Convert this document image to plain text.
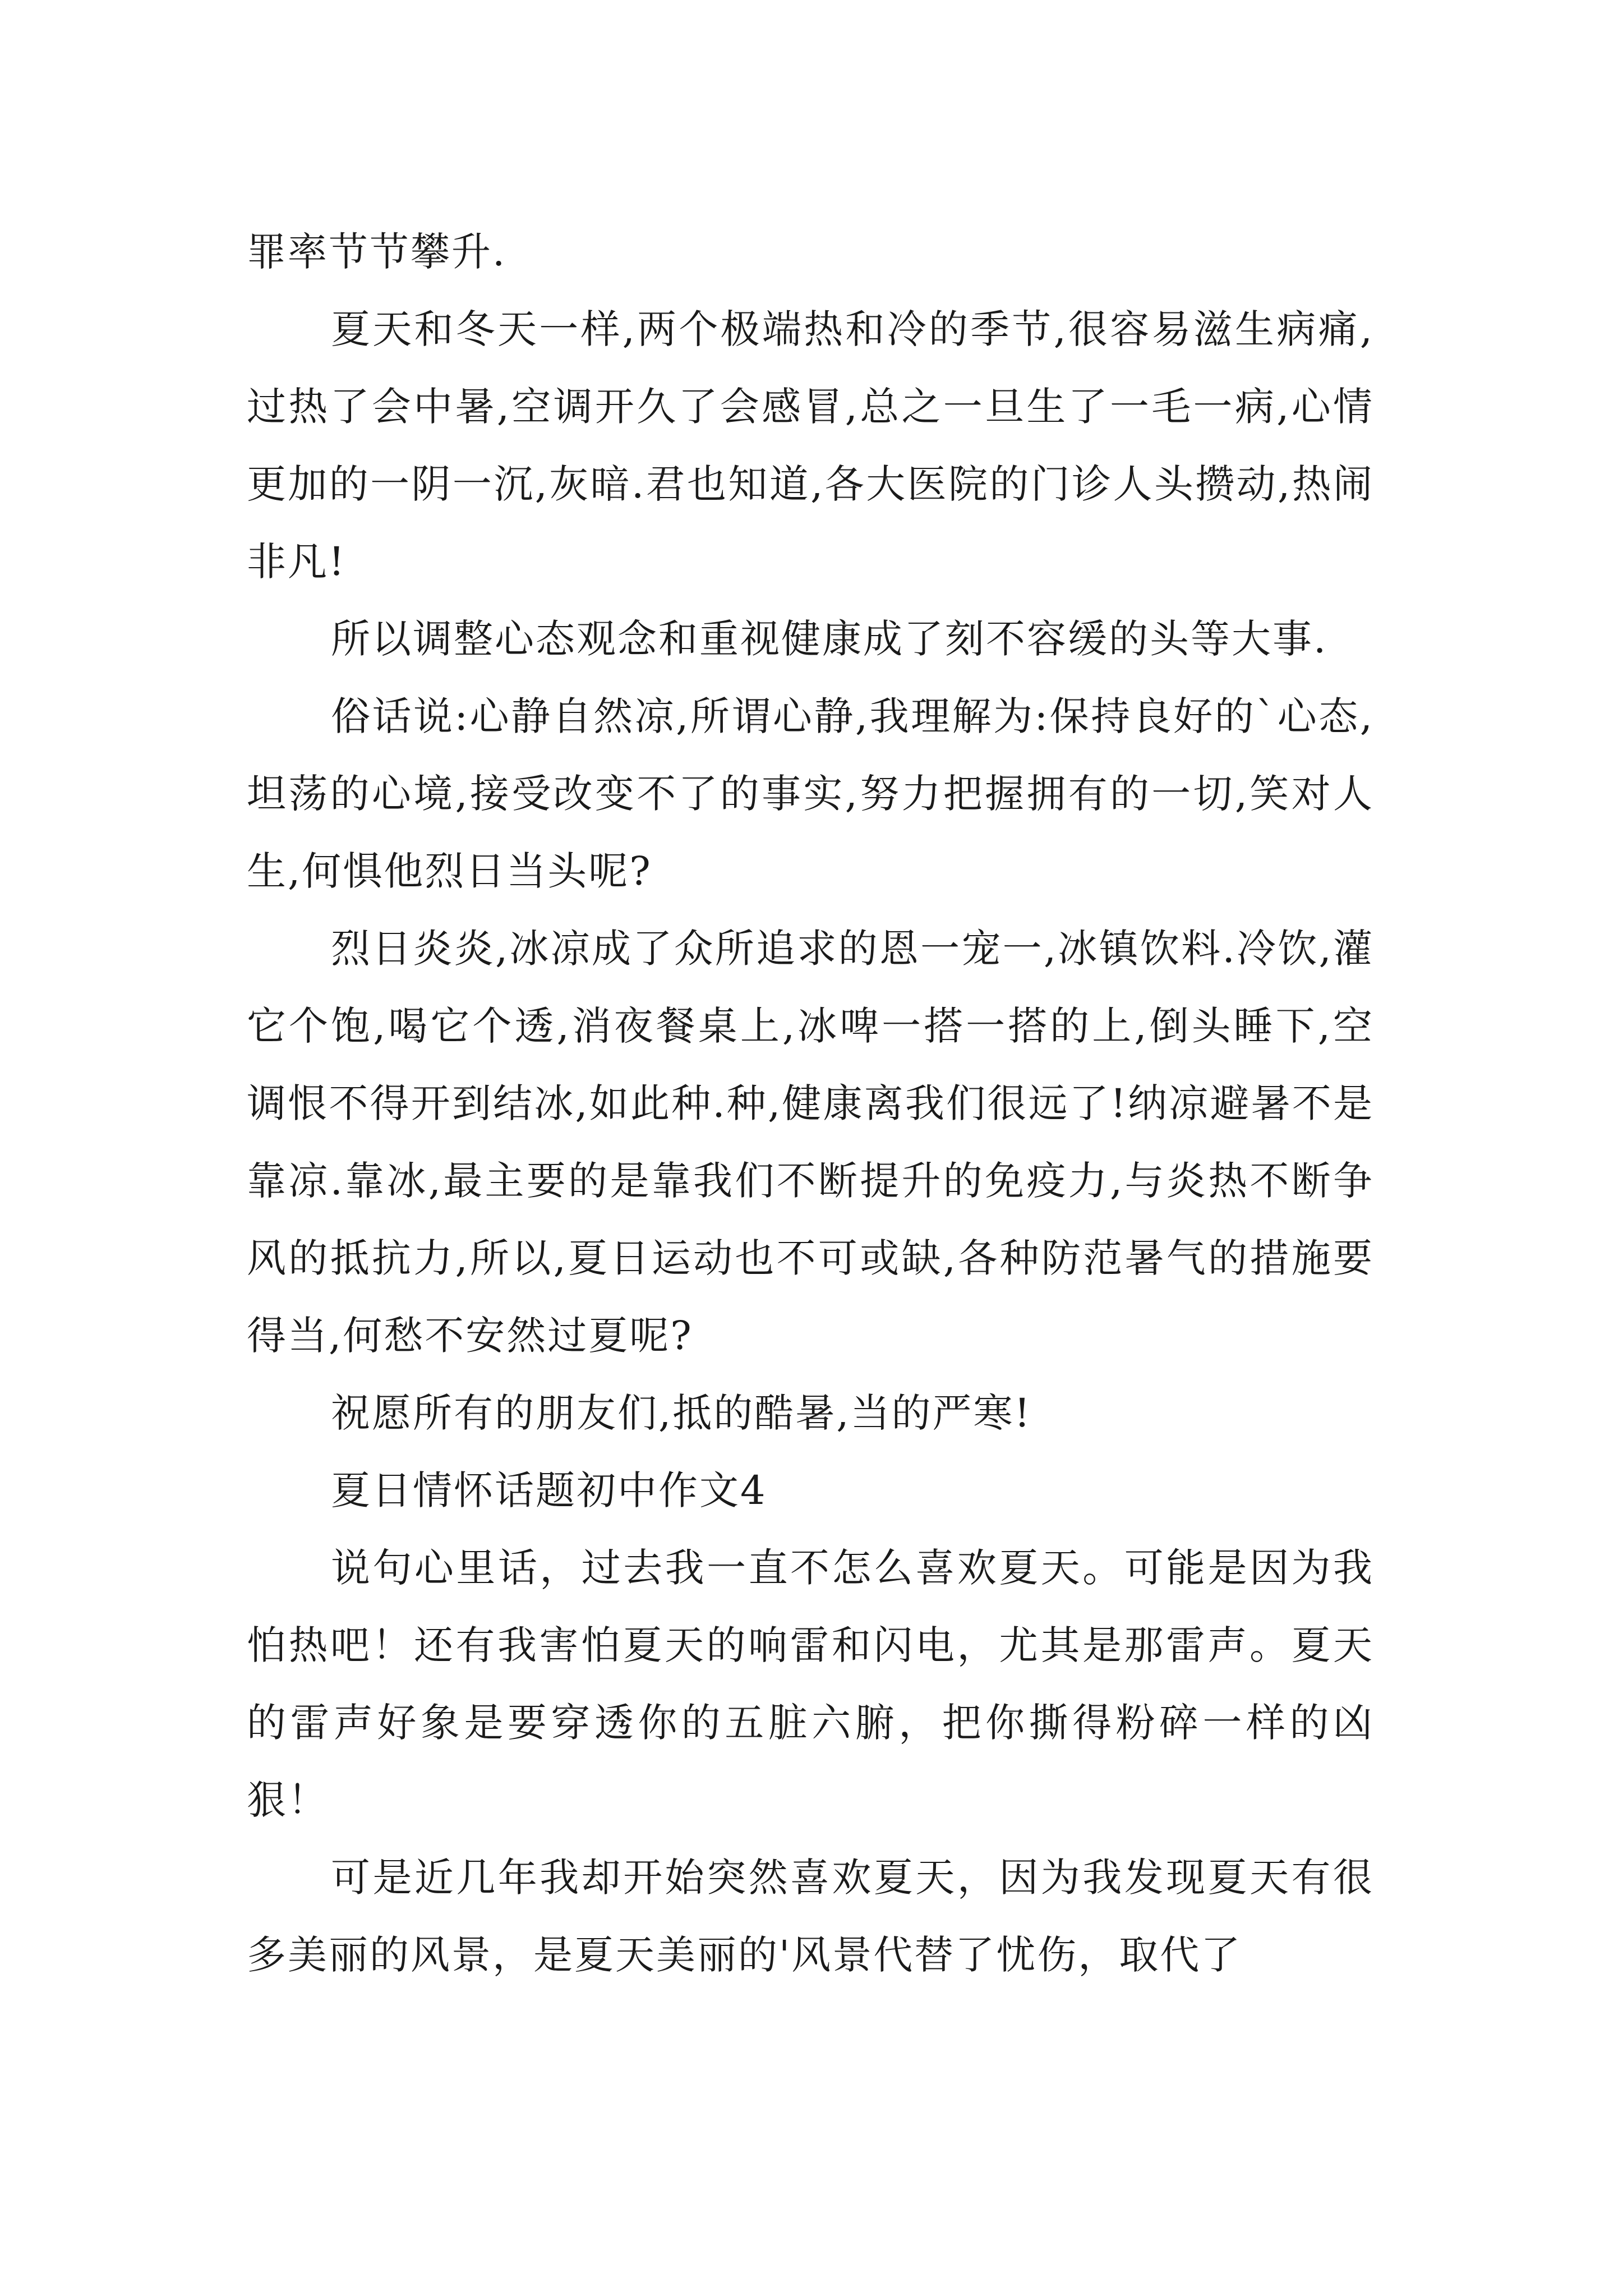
罪率节节攀升.

夏天和冬天一样,两个极端热和冷的季节,很容易滋生病痛,过热了会中暑,空调开久了会感冒,总之一旦生了一毛一病,心情更加的一阴一沉,灰暗.君也知道,各大医院的门诊人头攒动,热闹非凡!

所以调整心态观念和重视健康成了刻不容缓的头等大事.

俗话说:心静自然凉,所谓心静,我理解为:保持良好的`心态,坦荡的心境,接受改变不了的事实,努力把握拥有的一切,笑对人生,何惧他烈日当头呢?

烈日炎炎,冰凉成了众所追求的恩一宠一,冰镇饮料.冷饮,灌它个饱,喝它个透,消夜餐桌上,冰啤一搭一搭的上,倒头睡下,空调恨不得开到结冰,如此种.种,健康离我们很远了!纳凉避暑不是靠凉.靠冰,最主要的是靠我们不断提升的免疫力,与炎热不断争风的抵抗力,所以,夏日运动也不可或缺,各种防范暑气的措施要得当,何愁不安然过夏呢?

祝愿所有的朋友们,抵的酷暑,当的严寒!

夏日情怀话题初中作文4

说句心里话，过去我一直不怎么喜欢夏天。可能是因为我怕热吧！还有我害怕夏天的响雷和闪电，尤其是那雷声。夏天的雷声好象是要穿透你的五脏六腑，把你撕得粉碎一样的凶狠！

可是近几年我却开始突然喜欢夏天，因为我发现夏天有很多美丽的风景，是夏天美丽的'风景代替了忧伤，取代了
